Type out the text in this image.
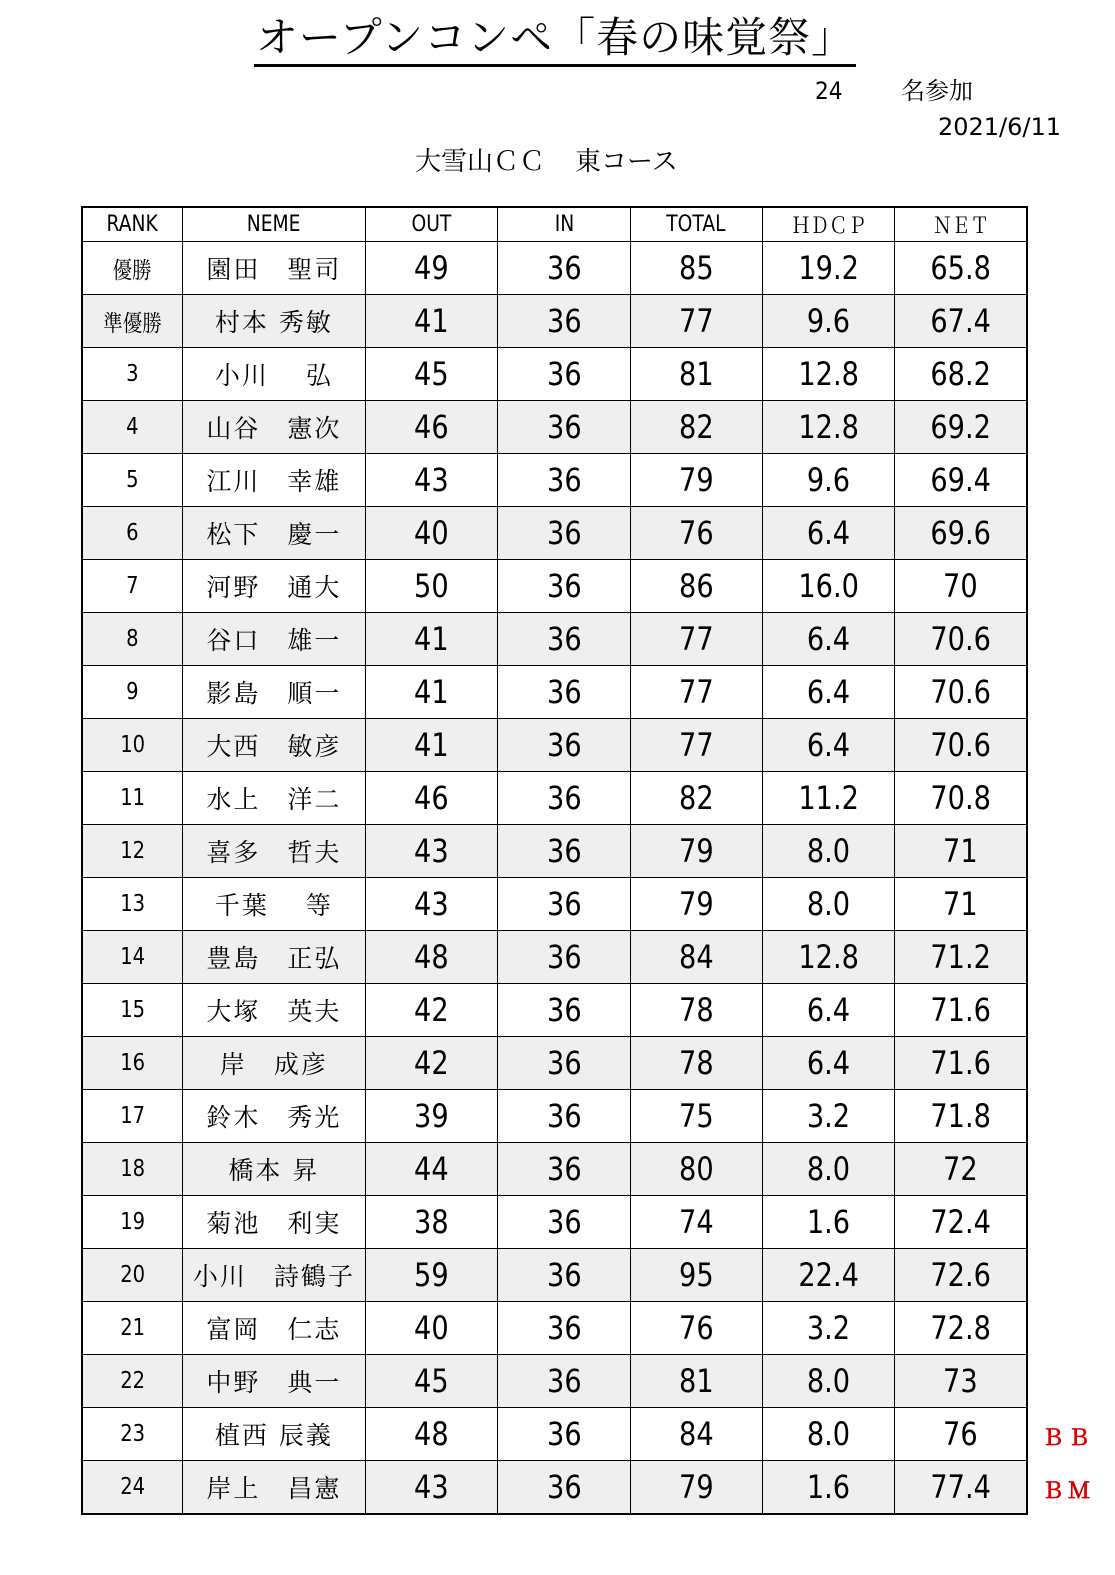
オープンコンペ「春の味覚祭」
24 名参加
2021/6/11
大雪山ＣＣ 東コース
RANK	NEME	OUT	IN	TOTAL	ＨＤＣＰ	ＮＥＴ
優勝	園田　聖司	49	36	85	19.2	65.8
準優勝	村本 秀敏	41	36	77	9.6	67.4
3	小川　 弘	45	36	81	12.8	68.2
4	山谷　憲次	46	36	82	12.8	69.2
5	江川　幸雄	43	36	79	9.6	69.4
6	松下　慶一	40	36	76	6.4	69.6
7	河野　通大	50	36	86	16.0	70
8	谷口　雄一	41	36	77	6.4	70.6
9	影島　順一	41	36	77	6.4	70.6
10	大西　敏彦	41	36	77	6.4	70.6
11	水上　洋二	46	36	82	11.2	70.8
12	喜多　哲夫	43	36	79	8.0	71
13	千葉　 等	43	36	79	8.0	71
14	豊島　正弘	48	36	84	12.8	71.2
15	大塚　英夫	42	36	78	6.4	71.6
16	岸　成彦	42	36	78	6.4	71.6
17	鈴木　秀光	39	36	75	3.2	71.8
18	橋本 昇	44	36	80	8.0	72
19	菊池　利実	38	36	74	1.6	72.4
20	小川　詩鶴子	59	36	95	22.4	72.6
21	富岡　仁志	40	36	76	3.2	72.8
22	中野　典一	45	36	81	8.0	73
23	植西 辰義	48	36	84	8.0	76
24	岸上　昌憲	43	36	79	1.6	77.4
ＢＢ
ＢＭ
